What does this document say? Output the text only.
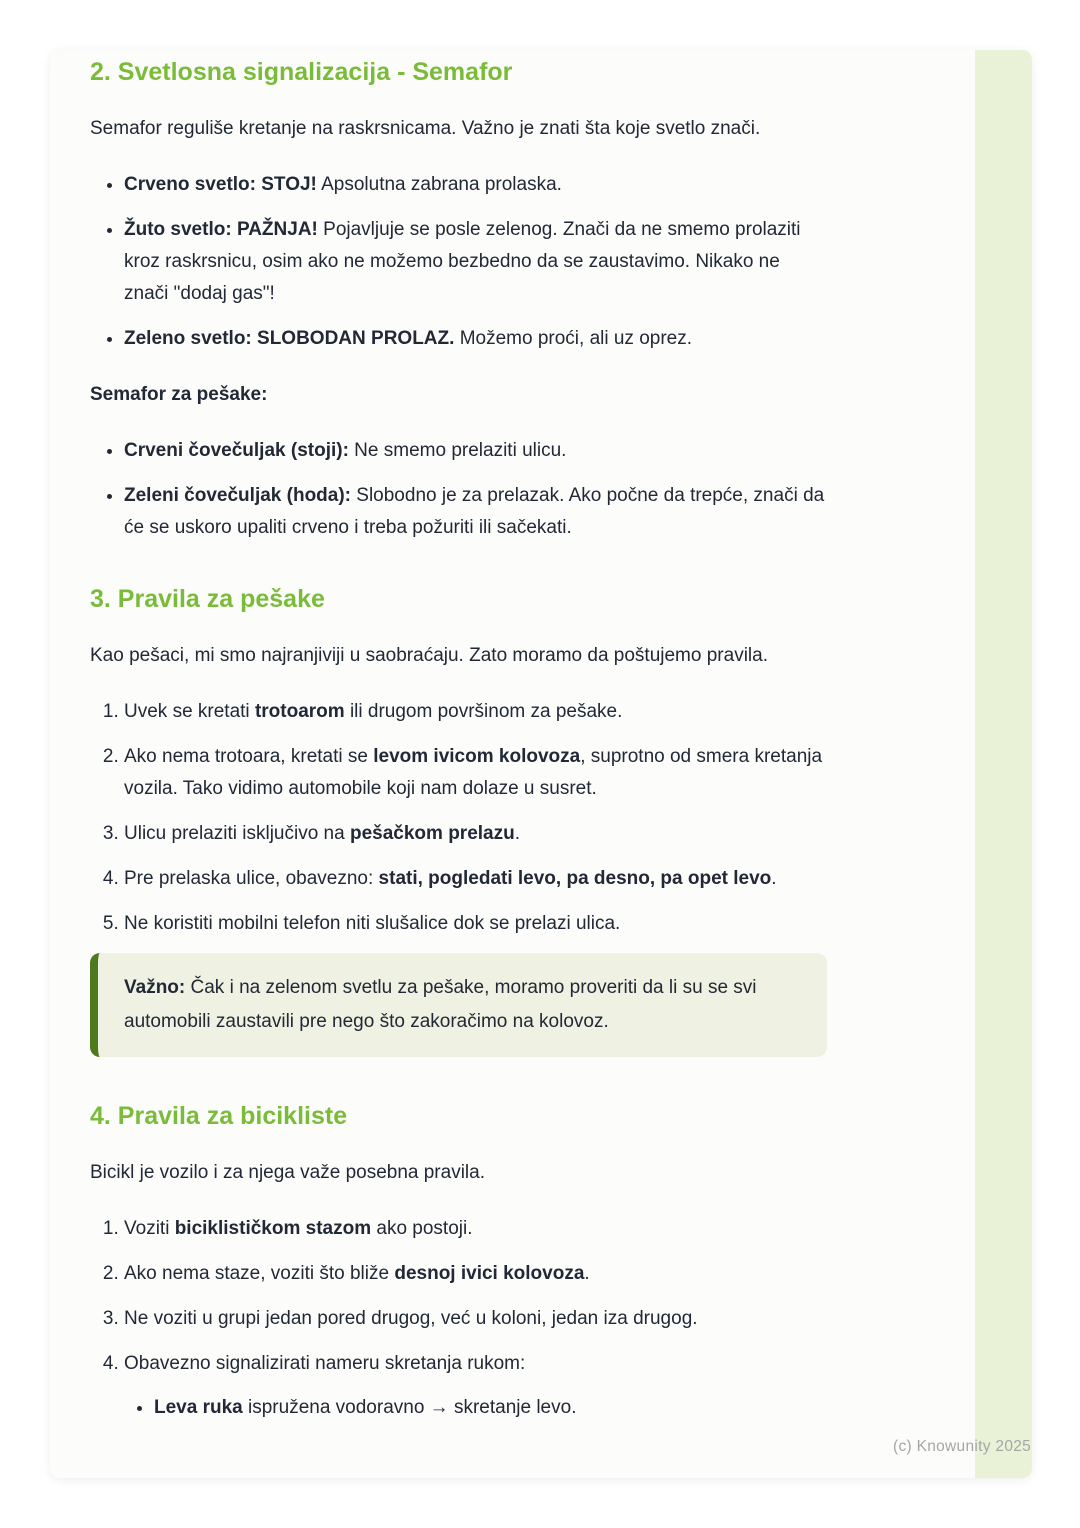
2. Svetlosna signalizacija - Semafor

Semafor reguliše kretanje na raskrsnicama. Važno je znati šta koje svetlo znači.

• Crveno svetlo: STOJ! Apsolutna zabrana prolaska.
• Žuto svetlo: PAŽNJA! Pojavljuje se posle zelenog. Znači da ne smemo prolaziti kroz raskrsnicu, osim ako ne možemo bezbedno da se zaustavimo. Nikako ne znači "dodaj gas"!
• Zeleno svetlo: SLOBODAN PROLAZ. Možemo proći, ali uz oprez.

Semafor za pešake:

• Crveni čovečuljak (stoji): Ne smemo prelaziti ulicu.
• Zeleni čovečuljak (hoda): Slobodno je za prelazak. Ako počne da trepće, znači da će se uskoro upaliti crveno i treba požuriti ili sačekati.
3. Pravila za pešake

Kao pešaci, mi smo najranjiviji u saobraćaju. Zato moramo da poštujemo pravila.

1. Uvek se kretati trotoarom ili drugom površinom za pešake.
2. Ako nema trotoara, kretati se levom ivicom kolovoza, suprotno od smera kretanja vozila. Tako vidimo automobile koji nam dolaze u susret.
3. Ulicu prelaziti isključivo na pešačkom prelazu.
4. Pre prelaska ulice, obavezno: stati, pogledati levo, pa desno, pa opet levo.
5. Ne koristiti mobilni telefon niti slušalice dok se prelazi ulica.
Važno: Čak i na zelenom svetlu za pešake, moramo proveriti da li su se svi automobili zaustavili pre nego što zakoračimo na kolovoz.
4. Pravila za bicikliste

Bicikl je vozilo i za njega važe posebna pravila.

1. Voziti biciklističkom stazom ako postoji.
2. Ako nema staze, voziti što bliže desnoj ivici kolovoza.
3. Ne voziti u grupi jedan pored drugog, već u koloni, jedan iza drugog.
4. Obavezno signalizirati nameru skretanja rukom:
• Leva ruka ispružena vodoravno → skretanje levo.
(c) Knowunity 2025
